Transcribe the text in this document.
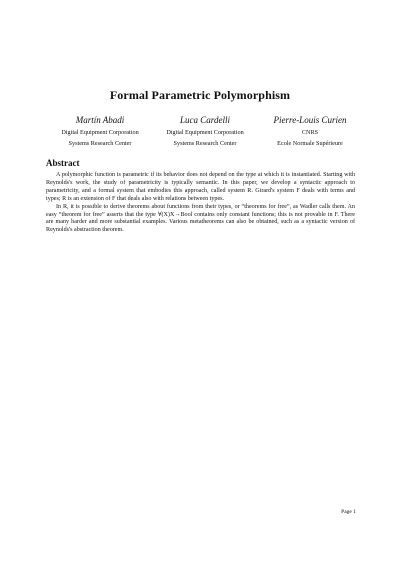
Formal Parametric Polymorphism
Martín Abadi
Digital Equipment Corporation
Systems Research Center
Luca Cardelli
Digital Equipment Corporation
Systems Research Center
Pierre-Louis Curien
CNRS
Ecole Normale Supérieure
Abstract

A polymorphic function is parametric if its behavior does not depend on the type at which it is instantiated. Starting with Reynolds's work, the study of parametricity is typically semantic. In this paper, we develop a syntactic approach to parametricity, and a formal system that embodies this approach, called system R. Girard's system F deals with terms and types; R is an extension of F that deals also with relations between types.

In R, it is possible to derive theorems about functions from their types, or “theorems for free”, as Wadler calls them. An easy “theorem for free” asserts that the type ∀(X)X→Bool contains only constant functions; this is not provable in F. There are many harder and more substantial examples. Various metatheorems can also be obtained, such as a syntactic version of Reynolds's abstraction theorem.

Page 1
